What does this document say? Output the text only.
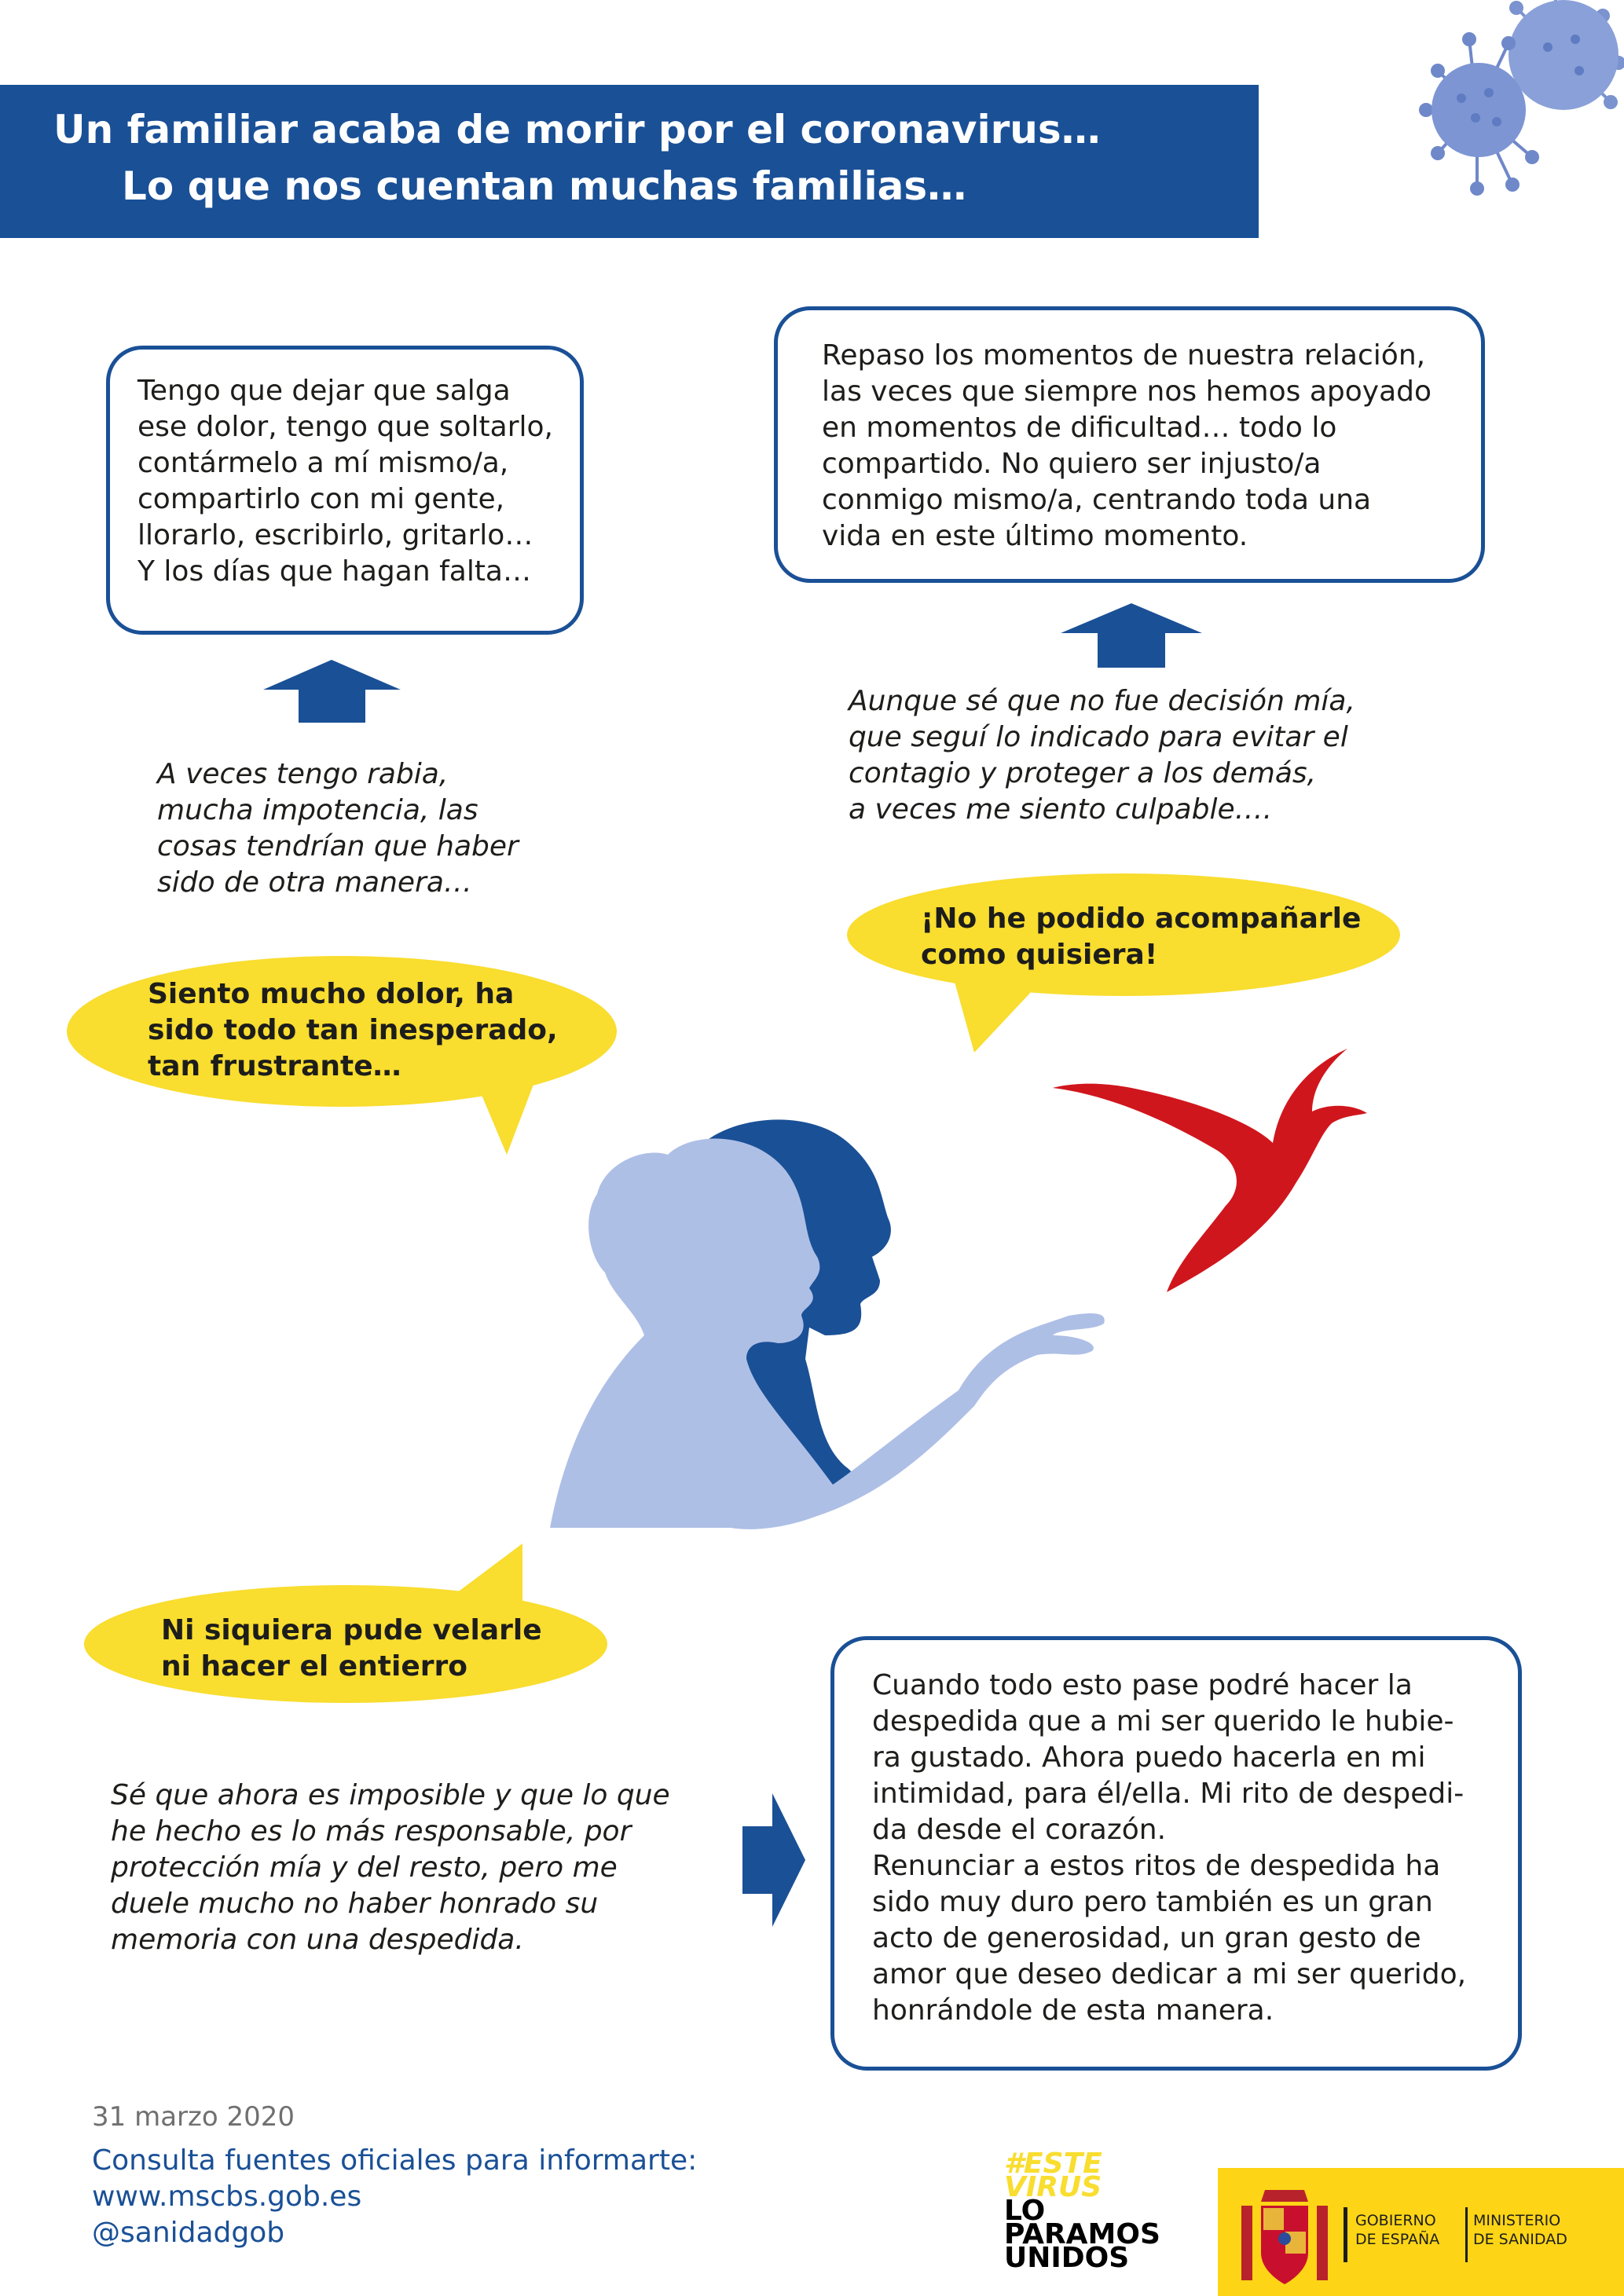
Un familiar acaba de morir por el coronavirus…
Lo que nos cuentan muchas familias…
Tengo que dejar que salga
ese dolor, tengo que soltarlo,
contármelo a mí mismo/a,
compartirlo con mi gente,
llorarlo, escribirlo, gritarlo…
Y los días que hagan falta…
Repaso los momentos de nuestra relación,
las veces que siempre nos hemos apoyado
en momentos de dificultad… todo lo
compartido. No quiero ser injusto/a
conmigo mismo/a, centrando toda una
vida en este último momento.
A veces tengo rabia,
mucha impotencia, las
cosas tendrían que haber
sido de otra manera…
Aunque sé que no fue decisión mía,
que seguí lo indicado para evitar el
contagio y proteger a los demás,
a veces me siento culpable….
¡No he podido acompañarle
como quisiera!
Siento mucho dolor, ha
sido todo tan inesperado,
tan frustrante…
Ni siquiera pude velarle
ni hacer el entierro
Sé que ahora es imposible y que lo que
he hecho es lo más responsable, por
protección mía y del resto, pero me
duele mucho no haber honrado su
memoria con una despedida.
Cuando todo esto pase podré hacer la
despedida que a mi ser querido le hubie-
ra gustado. Ahora puedo hacerla en mi
intimidad, para él/ella. Mi rito de despedi-
da desde el corazón.
Renunciar a estos ritos de despedida ha
sido muy duro pero también es un gran
acto de generosidad, un gran gesto de
amor que deseo dedicar a mi ser querido,
honrándole de esta manera.
31 marzo 2020
Consulta fuentes oficiales para informarte:
www.mscbs.gob.es
@sanidadgob
#ESTE
VIRUS
LO
PARAMOS
UNIDOS
GOBIERNO
DE ESPAÑA
MINISTERIO
DE SANIDAD
